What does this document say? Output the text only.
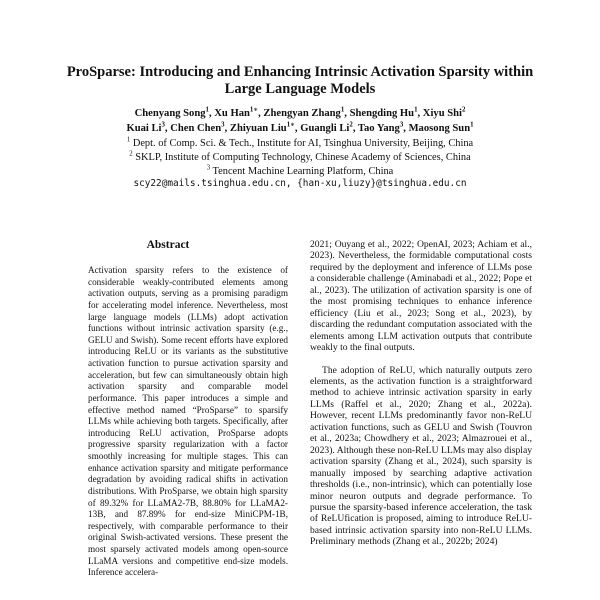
ProSparse: Introducing and Enhancing Intrinsic Activation Sparsity within Large Language Models
Chenyang Song$^1$, Xu Han$^{1∗}$, Zhengyan Zhang$^1$, Shengding Hu$^1$, Xiyu Shi$^2$
Kuai Li$^3$, Chen Chen$^3$, Zhiyuan Liu$^{1∗}$, Guangli Li$^2$, Tao Yang$^3$, Maosong Sun$^1$
$^1$ Dept. of Comp. Sci. & Tech., Institute for AI, Tsinghua University, Beijing, China
$^2$ SKLP, Institute of Computing Technology, Chinese Academy of Sciences, China
$^3$ Tencent Machine Learning Platform, China
scy22@mails.tsinghua.edu.cn, {han-xu,liuzy}@tsinghua.edu.cn
Abstract
Activation sparsity refers to the existence of considerable weakly-contributed elements among activation outputs, serving as a promising paradigm for accelerating model inference. Nevertheless, most large language models (LLMs) adopt activation functions without intrinsic activation sparsity (e.g., GELU and Swish). Some recent efforts have explored introducing ReLU or its variants as the substitutive activation function to pursue activation sparsity and acceleration, but few can simultaneously obtain high activation sparsity and comparable model performance. This paper introduces a simple and effective method named “ProSparse” to sparsify LLMs while achieving both targets. Specifically, after introducing ReLU activation, ProSparse adopts progressive sparsity regularization with a factor smoothly increasing for multiple stages. This can enhance activation sparsity and mitigate performance degradation by avoiding radical shifts in activation distributions. With ProSparse, we obtain high sparsity of 89.32% for LLaMA2-7B, 88.80% for LLaMA2-13B, and 87.89% for end-size MiniCPM-1B, respectively, with comparable performance to their original Swish-activated versions. These present the most sparsely activated models among open-source LLaMA versions and competitive end-size models. Inference accelera-

2021; Ouyang et al., 2022; OpenAI, 2023; Achiam et al., 2023). Nevertheless, the formidable computational costs required by the deployment and inference of LLMs pose a considerable challenge (Aminabadi et al., 2022; Pope et al., 2023). The utilization of activation sparsity is one of the most promising techniques to enhance inference efficiency (Liu et al., 2023; Song et al., 2023), by discarding the redundant computation associated with the elements among LLM activation outputs that contribute weakly to the final outputs.

The adoption of ReLU, which naturally outputs zero elements, as the activation function is a straightforward method to achieve intrinsic activation sparsity in early LLMs (Raffel et al., 2020; Zhang et al., 2022a). However, recent LLMs predominantly favor non-ReLU activation functions, such as GELU and Swish (Touvron et al., 2023a; Chowdhery et al., 2023; Almazrouei et al., 2023). Although these non-ReLU LLMs may also display activation sparsity (Zhang et al., 2024), such sparsity is manually imposed by searching adaptive activation thresholds (i.e., non-intrinsic), which can potentially lose minor neuron outputs and degrade performance. To pursue the sparsity-based inference acceleration, the task of ReLUfication is proposed, aiming to introduce ReLU-based intrinsic activation sparsity into non-ReLU LLMs. Preliminary methods (Zhang et al., 2022b; 2024)
